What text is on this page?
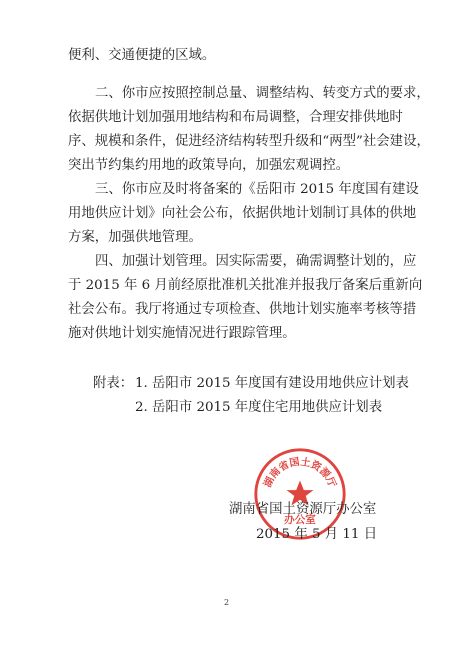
便利、交通便捷的区域。

二、你市应按照控制总量、调整结构、转变方式的要求，
依据供地计划加强用地结构和布局调整，合理安排供地时
序、规模和条件，促进经济结构转型升级和“两型”社会建设，
突出节约集约用地的政策导向，加强宏观调控。

三、你市应及时将备案的《岳阳市 2015 年度国有建设
用地供应计划》向社会公布，依据供地计划制订具体的供地
方案，加强供地管理。

四、加强计划管理。因实际需要，确需调整计划的，应
于 2015 年 6 月前经原批准机关批准并报我厅备案后重新向
社会公布。我厅将通过专项检查、供地计划实施率考核等措
施对供地计划实施情况进行跟踪管理。

附表： 1. 岳阳市 2015 年度国有建设用地供应计划表
2. 岳阳市 2015 年度住宅用地供应计划表
湖南省国土资源厅
办公室
湖南省国土资源厅办公室
2015 年 5 月 11 日
2
